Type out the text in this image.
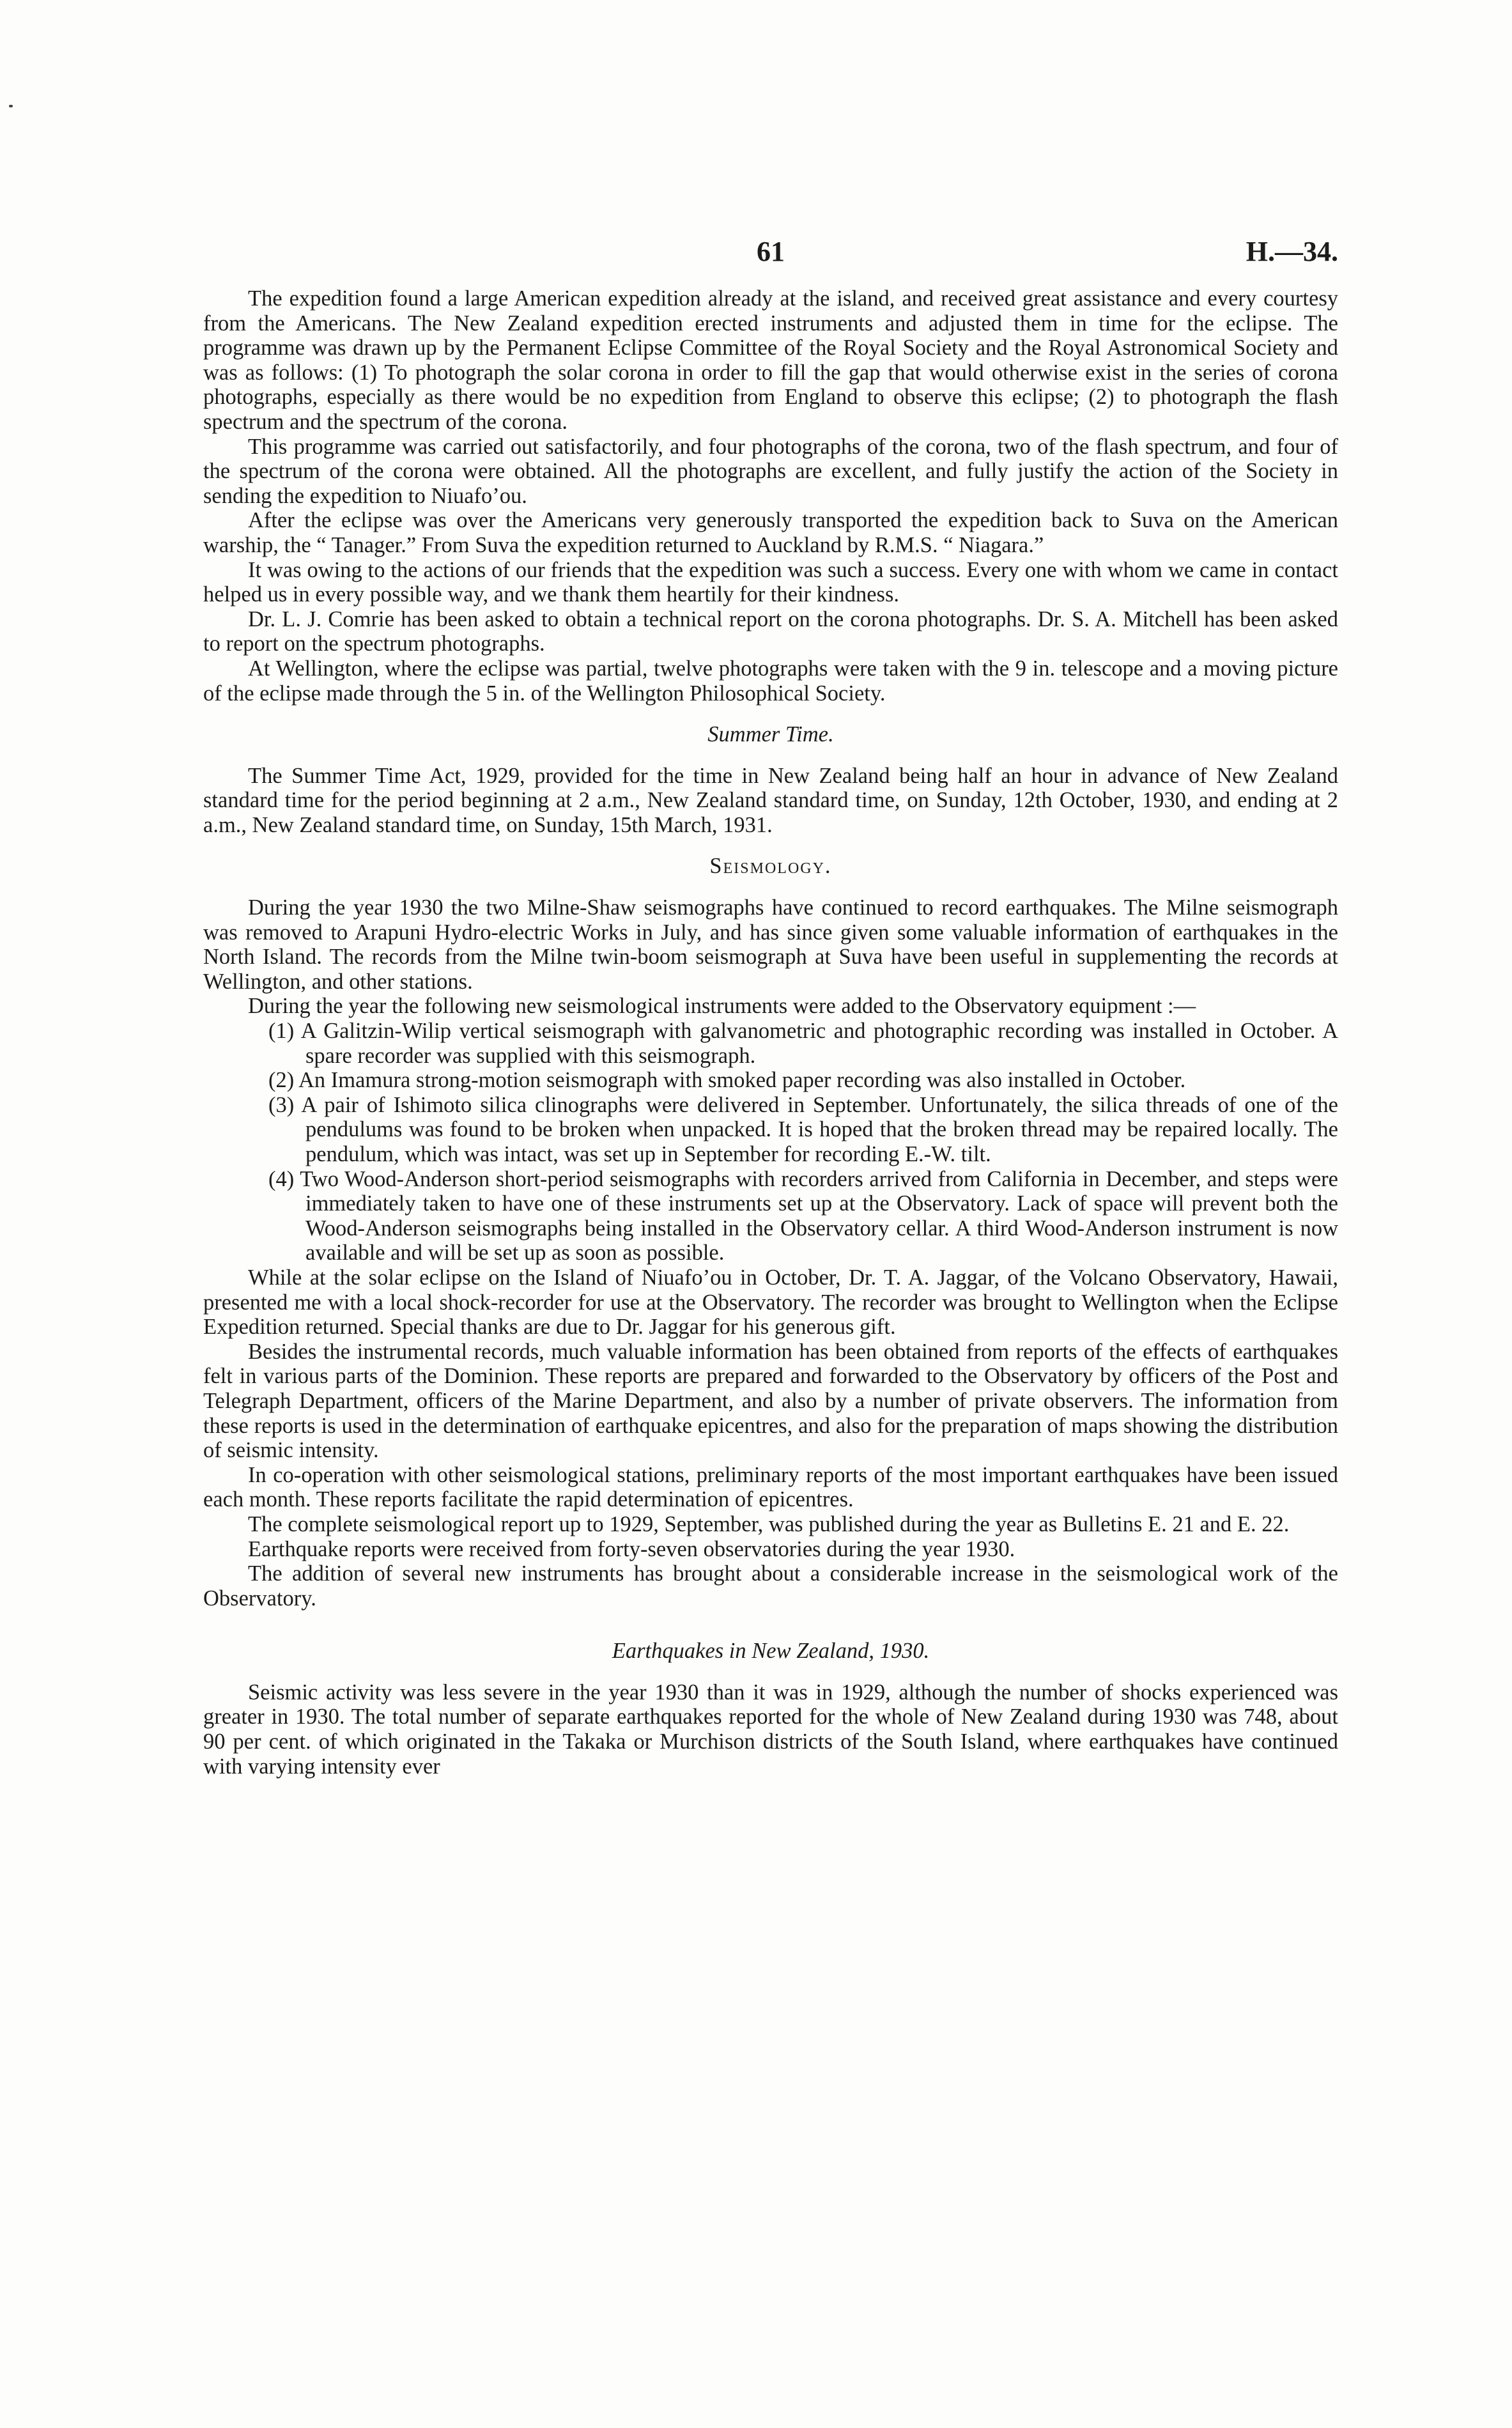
61	H.—34.

The expedition found a large American expedition already at the island, and received great assistance and every courtesy from the Americans. The New Zealand expedition erected instruments and adjusted them in time for the eclipse. The programme was drawn up by the Permanent Eclipse Committee of the Royal Society and the Royal Astronomical Society and was as follows: (1) To photograph the solar corona in order to fill the gap that would otherwise exist in the series of corona photographs, especially as there would be no expedition from England to observe this eclipse; (2) to photograph the flash spectrum and the spectrum of the corona.

This programme was carried out satisfactorily, and four photographs of the corona, two of the flash spectrum, and four of the spectrum of the corona were obtained. All the photographs are excellent, and fully justify the action of the Society in sending the expedition to Niuafo’ou.

After the eclipse was over the Americans very generously transported the expedition back to Suva on the American warship, the “ Tanager.” From Suva the expedition returned to Auckland by R.M.S. “ Niagara.”

It was owing to the actions of our friends that the expedition was such a success. Every one with whom we came in contact helped us in every possible way, and we thank them heartily for their kindness.

Dr. L. J. Comrie has been asked to obtain a technical report on the corona photographs. Dr. S. A. Mitchell has been asked to report on the spectrum photographs.

At Wellington, where the eclipse was partial, twelve photographs were taken with the 9 in. telescope and a moving picture of the eclipse made through the 5 in. of the Wellington Philosophical Society.

Summer Time.

The Summer Time Act, 1929, provided for the time in New Zealand being half an hour in advance of New Zealand standard time for the period beginning at 2 a.m., New Zealand standard time, on Sunday, 12th October, 1930, and ending at 2 a.m., New Zealand standard time, on Sunday, 15th March, 1931.

Seismology.

During the year 1930 the two Milne-Shaw seismographs have continued to record earthquakes. The Milne seismograph was removed to Arapuni Hydro-electric Works in July, and has since given some valuable information of earthquakes in the North Island. The records from the Milne twin-boom seismograph at Suva have been useful in supplementing the records at Wellington, and other stations.

During the year the following new seismological instruments were added to the Observatory equipment :—

(1) A Galitzin-Wilip vertical seismograph with galvanometric and photographic recording was installed in October. A spare recorder was supplied with this seismograph.

(2) An Imamura strong-motion seismograph with smoked paper recording was also installed in October.

(3) A pair of Ishimoto silica clinographs were delivered in September. Unfortunately, the silica threads of one of the pendulums was found to be broken when unpacked. It is hoped that the broken thread may be repaired locally. The pendulum, which was intact, was set up in September for recording E.-W. tilt.

(4) Two Wood-Anderson short-period seismographs with recorders arrived from California in December, and steps were immediately taken to have one of these instruments set up at the Observatory. Lack of space will prevent both the Wood-Anderson seismographs being installed in the Observatory cellar. A third Wood-Anderson instrument is now available and will be set up as soon as possible.

While at the solar eclipse on the Island of Niuafo’ou in October, Dr. T. A. Jaggar, of the Volcano Observatory, Hawaii, presented me with a local shock-recorder for use at the Observatory. The recorder was brought to Wellington when the Eclipse Expedition returned. Special thanks are due to Dr. Jaggar for his generous gift.

Besides the instrumental records, much valuable information has been obtained from reports of the effects of earthquakes felt in various parts of the Dominion. These reports are prepared and forwarded to the Observatory by officers of the Post and Telegraph Department, officers of the Marine Department, and also by a number of private observers. The information from these reports is used in the determination of earthquake epicentres, and also for the preparation of maps showing the distribution of seismic intensity.

In co-operation with other seismological stations, preliminary reports of the most important earthquakes have been issued each month. These reports facilitate the rapid determination of epicentres.

The complete seismological report up to 1929, September, was published during the year as Bulletins E. 21 and E. 22.

Earthquake reports were received from forty-seven observatories during the year 1930.

The addition of several new instruments has brought about a considerable increase in the seismological work of the Observatory.

Earthquakes in New Zealand, 1930.

Seismic activity was less severe in the year 1930 than it was in 1929, although the number of shocks experienced was greater in 1930. The total number of separate earthquakes reported for the whole of New Zealand during 1930 was 748, about 90 per cent. of which originated in the Takaka or Murchison districts of the South Island, where earthquakes have continued with varying intensity ever
